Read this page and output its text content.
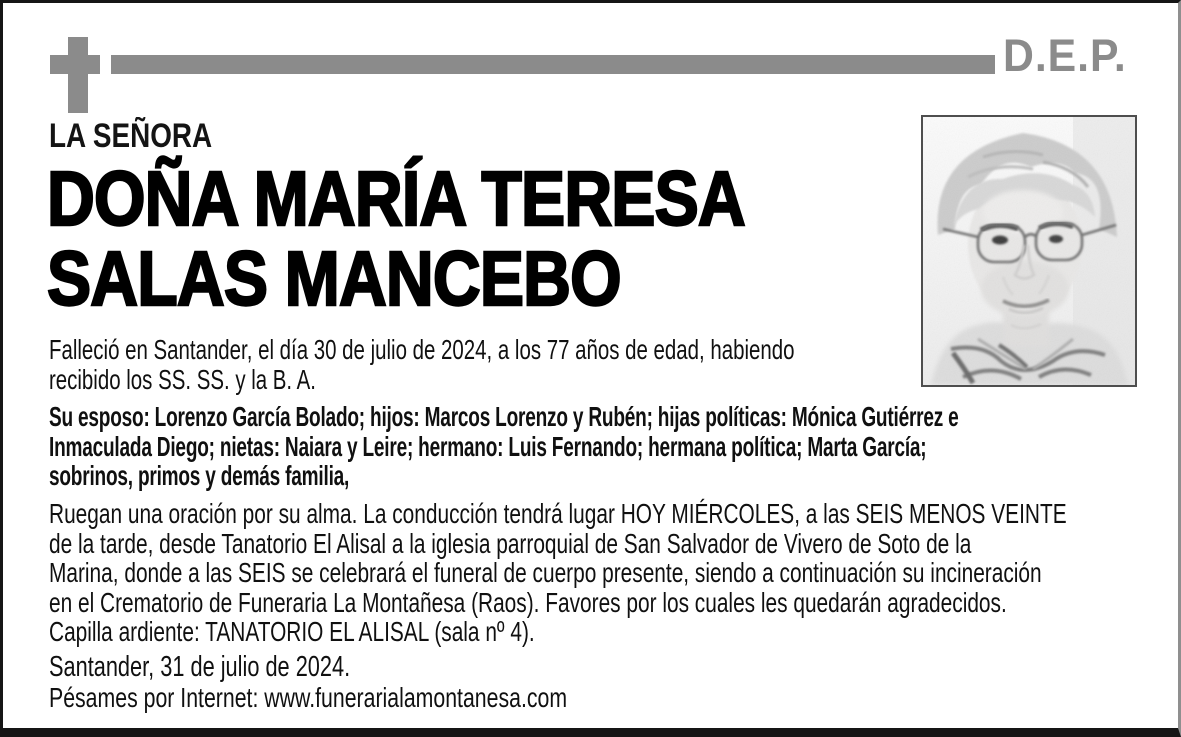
D.E.P.
LA SEÑORA
DOÑA MARÍA TERESA
SALAS MANCEBO

Falleció en Santander, el día 30 de julio de 2024, a los 77 años de edad, habiendo
recibido los SS. SS. y la B. A.

Su esposo: Lorenzo García Bolado; hijos: Marcos Lorenzo y Rubén; hijas políticas: Mónica Gutiérrez e
Inmaculada Diego; nietas: Naiara y Leire; hermano: Luis Fernando; hermana política; Marta García;
sobrinos, primos y demás familia,

Ruegan una oración por su alma. La conducción tendrá lugar HOY MIÉRCOLES, a las SEIS MENOS VEINTE
de la tarde, desde Tanatorio El Alisal a la iglesia parroquial de San Salvador de Vivero de Soto de la
Marina, donde a las SEIS se celebrará el funeral de cuerpo presente, siendo a continuación su incineración
en el Crematorio de Funeraria La Montañesa (Raos). Favores por los cuales les quedarán agradecidos.
Capilla ardiente: TANATORIO EL ALISAL (sala nº 4).

Santander, 31 de julio de 2024.

Pésames por Internet: www.funerarialamontanesa.com
